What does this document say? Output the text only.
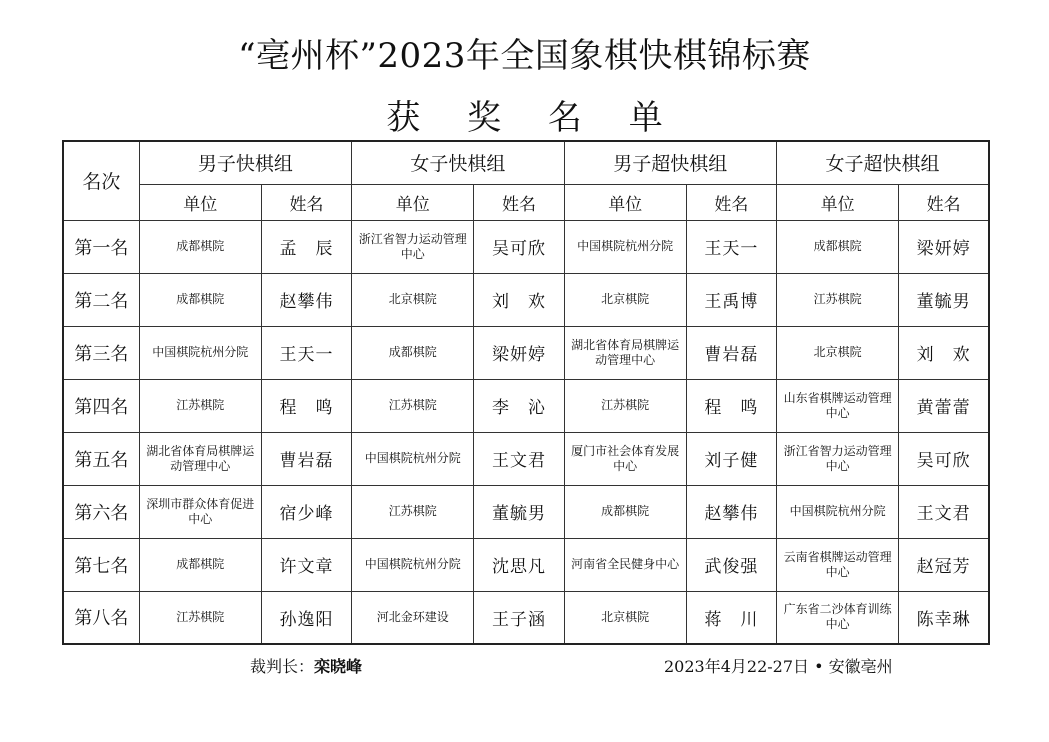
“亳州杯”2023年全国象棋快棋锦标赛
获 奖 名 单
名次	男子快棋组		女子快棋组		男子超快棋组		女子超快棋组	
	单位	姓名	单位	姓名	单位	姓名	单位	姓名
第一名	成都棋院	孟　辰	浙江省智力运动管理中心	吴可欣	中国棋院杭州分院	王天一	成都棋院	梁妍婷
第二名	成都棋院	赵攀伟	北京棋院	刘　欢	北京棋院	王禹博	江苏棋院	董毓男
第三名	中国棋院杭州分院	王天一	成都棋院	梁妍婷	湖北省体育局棋牌运动管理中心	曹岩磊	北京棋院	刘　欢
第四名	江苏棋院	程　鸣	江苏棋院	李　沁	江苏棋院	程　鸣	山东省棋牌运动管理中心	黄蕾蕾
第五名	湖北省体育局棋牌运动管理中心	曹岩磊	中国棋院杭州分院	王文君	厦门市社会体育发展中心	刘子健	浙江省智力运动管理中心	吴可欣
第六名	深圳市群众体育促进中心	宿少峰	江苏棋院	董毓男	成都棋院	赵攀伟	中国棋院杭州分院	王文君
第七名	成都棋院	许文章	中国棋院杭州分院	沈思凡	河南省全民健身中心	武俊强	云南省棋牌运动管理中心	赵冠芳
第八名	江苏棋院	孙逸阳	河北金环建设	王子涵	北京棋院	蒋　川	广东省二沙体育训练中心	陈幸琳
裁判长：栾晓峰	2023年4月22-27日 • 安徽亳州
